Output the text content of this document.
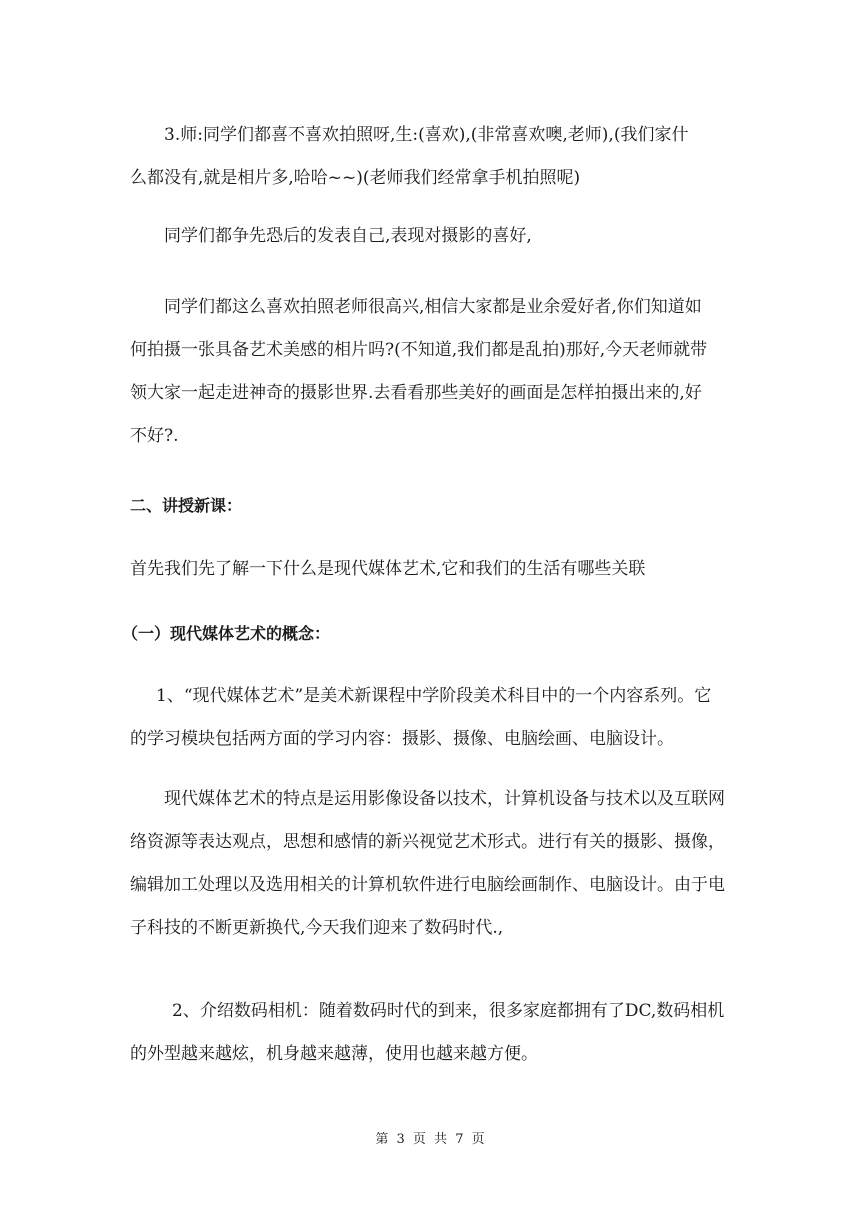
3.师:同学们都喜不喜欢拍照呀,生:(喜欢),(非常喜欢噢,老师),(我们家什
么都没有,就是相片多,哈哈~~)(老师我们经常拿手机拍照呢)
同学们都争先恐后的发表自己,表现对摄影的喜好,
同学们都这么喜欢拍照老师很高兴,相信大家都是业余爱好者,你们知道如
何拍摄一张具备艺术美感的相片吗?(不知道,我们都是乱拍)那好,今天老师就带
领大家一起走进神奇的摄影世界.去看看那些美好的画面是怎样拍摄出来的,好
不好?.
二、讲授新课：
首先我们先了解一下什么是现代媒体艺术,它和我们的生活有哪些关联
（一）现代媒体艺术的概念：
1、“现代媒体艺术”是美术新课程中学阶段美术科目中的一个内容系列。它
的学习模块包括两方面的学习内容：摄影、摄像、电脑绘画、电脑设计。
现代媒体艺术的特点是运用影像设备以技术，计算机设备与技术以及互联网
络资源等表达观点，思想和感情的新兴视觉艺术形式。进行有关的摄影、摄像，
编辑加工处理以及选用相关的计算机软件进行电脑绘画制作、电脑设计。由于电
子科技的不断更新换代,今天我们迎来了数码时代.,
2、介绍数码相机：随着数码时代的到来，很多家庭都拥有了DC,数码相机
的外型越来越炫，机身越来越薄，使用也越来越方便。
第 3 页 共 7 页
